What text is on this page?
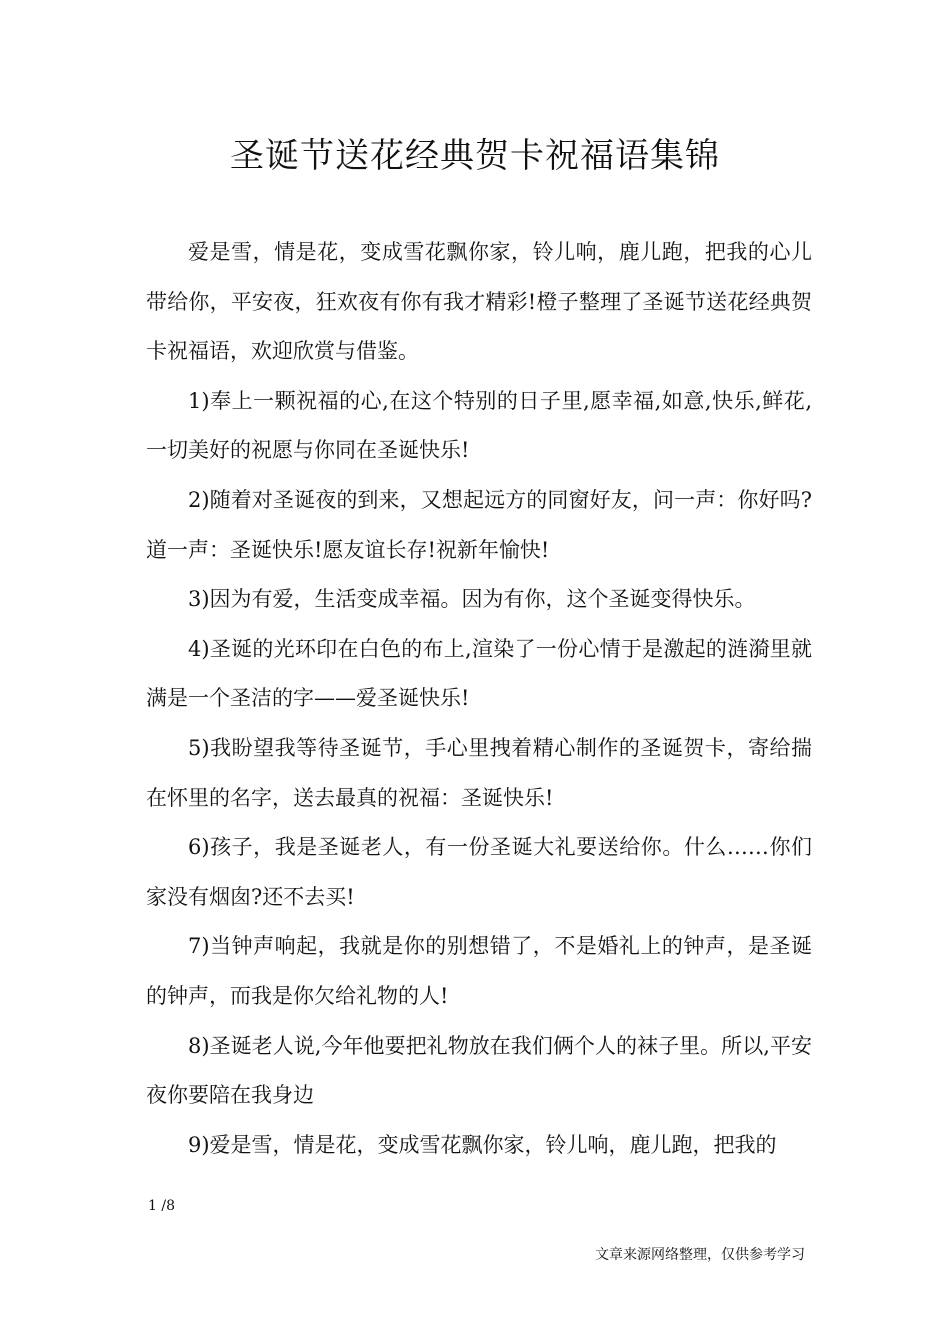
圣诞节送花经典贺卡祝福语集锦

爱是雪，情是花，变成雪花飘你家，铃儿响，鹿儿跑，把我的心儿带给你，平安夜，狂欢夜有你有我才精彩!橙子整理了圣诞节送花经典贺卡祝福语，欢迎欣赏与借鉴。

1)奉上一颗祝福的心,在这个特别的日子里,愿幸福,如意,快乐,鲜花,一切美好的祝愿与你同在圣诞快乐!

2)随着对圣诞夜的到来，又想起远方的同窗好友，问一声：你好吗?道一声：圣诞快乐!愿友谊长存!祝新年愉快!

3)因为有爱，生活变成幸福。因为有你，这个圣诞变得快乐。

4)圣诞的光环印在白色的布上,渲染了一份心情于是激起的涟漪里就满是一个圣洁的字——爱圣诞快乐!

5)我盼望我等待圣诞节，手心里拽着精心制作的圣诞贺卡，寄给揣在怀里的名字，送去最真的祝福：圣诞快乐!

6)孩子，我是圣诞老人，有一份圣诞大礼要送给你。什么……你们家没有烟囱?还不去买!

7)当钟声响起，我就是你的别想错了，不是婚礼上的钟声，是圣诞的钟声，而我是你欠给礼物的人!

8)圣诞老人说,今年他要把礼物放在我们俩个人的袜子里。所以,平安夜你要陪在我身边

9)爱是雪，情是花，变成雪花飘你家，铃儿响，鹿儿跑，把我的

1 /8
文章来源网络整理，仅供参考学习
